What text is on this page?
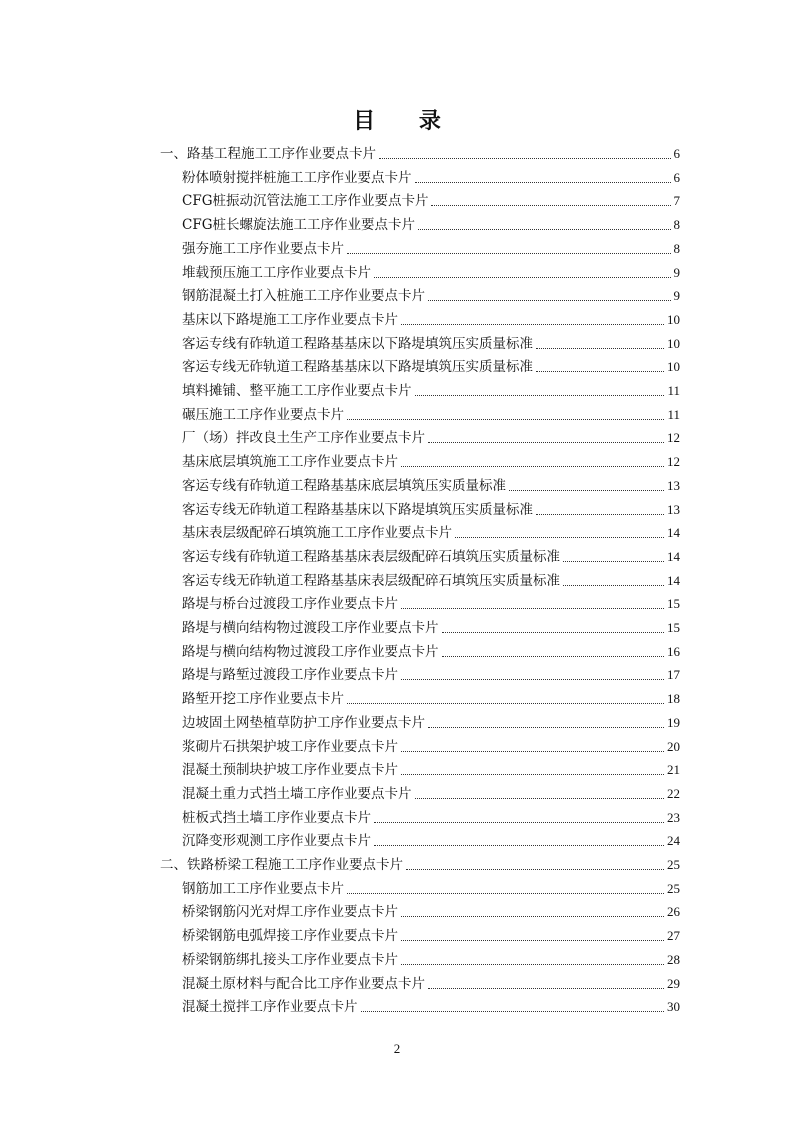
目 录
一、路基工程施工工序作业要点卡片	6
粉体喷射搅拌桩施工工序作业要点卡片	6
CFG桩振动沉管法施工工序作业要点卡片	7
CFG桩长螺旋法施工工序作业要点卡片	8
强夯施工工序作业要点卡片	8
堆载预压施工工序作业要点卡片	9
钢筋混凝土打入桩施工工序作业要点卡片	9
基床以下路堤施工工序作业要点卡片	10
客运专线有砟轨道工程路基基床以下路堤填筑压实质量标准	10
客运专线无砟轨道工程路基基床以下路堤填筑压实质量标准	10
填料摊铺、整平施工工序作业要点卡片	11
碾压施工工序作业要点卡片	11
厂（场）拌改良土生产工序作业要点卡片	12
基床底层填筑施工工序作业要点卡片	12
客运专线有砟轨道工程路基基床底层填筑压实质量标准	13
客运专线无砟轨道工程路基基床以下路堤填筑压实质量标准	13
基床表层级配碎石填筑施工工序作业要点卡片	14
客运专线有砟轨道工程路基基床表层级配碎石填筑压实质量标准	14
客运专线无砟轨道工程路基基床表层级配碎石填筑压实质量标准	14
路堤与桥台过渡段工序作业要点卡片	15
路堤与横向结构物过渡段工序作业要点卡片	15
路堤与横向结构物过渡段工序作业要点卡片	16
路堤与路堑过渡段工序作业要点卡片	17
路堑开挖工序作业要点卡片	18
边坡固土网垫植草防护工序作业要点卡片	19
浆砌片石拱架护坡工序作业要点卡片	20
混凝土预制块护坡工序作业要点卡片	21
混凝土重力式挡土墙工序作业要点卡片	22
桩板式挡土墙工序作业要点卡片	23
沉降变形观测工序作业要点卡片	24
二、铁路桥梁工程施工工序作业要点卡片	25
钢筋加工工序作业要点卡片	25
桥梁钢筋闪光对焊工序作业要点卡片	26
桥梁钢筋电弧焊接工序作业要点卡片	27
桥梁钢筋绑扎接头工序作业要点卡片	28
混凝土原材料与配合比工序作业要点卡片	29
混凝土搅拌工序作业要点卡片	30
2
